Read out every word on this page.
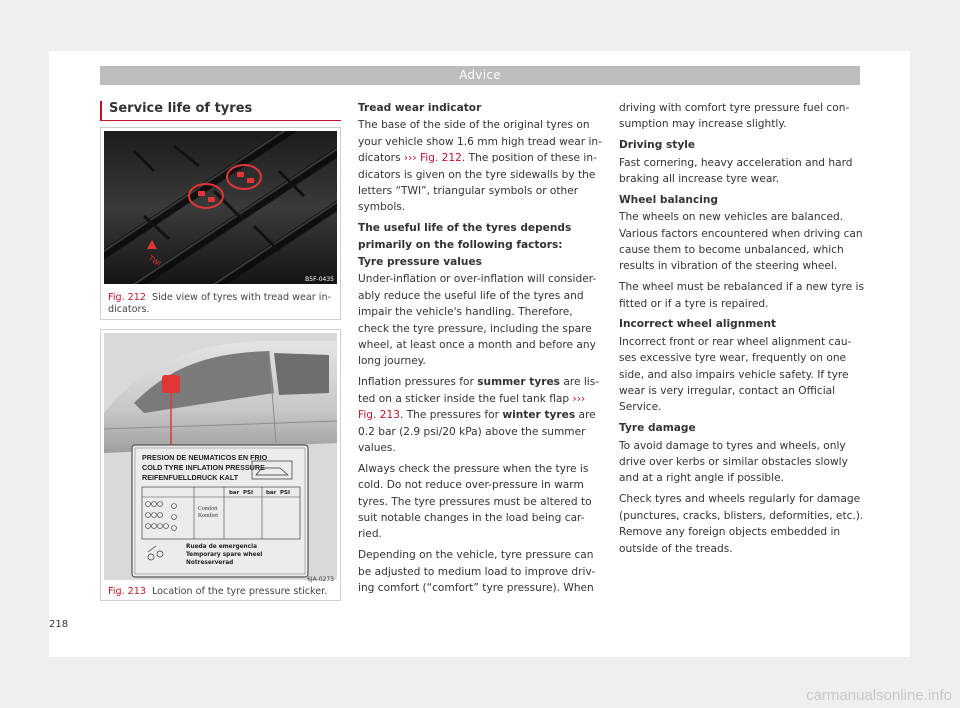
Advice
Service life of tyres
TWI
B5F-0435
Fig. 212 Side view of tyres with tread wear in-dicators.
PRESION DE NEUMATICOS EN FRIO
COLD TYRE INFLATION PRESSURE
REIFENFUELLDRUCK KALT
bar PSI bar PSI
Comfort
Komfort
Rueda de emergencia
Temporary spare wheel
Notreserverad
6JA-0273
Fig. 213 Location of the tyre pressure sticker.

Tread wear indicator

The base of the side of the original tyres on your vehicle show 1.6 mm high tread wear in-dicators ››› Fig. 212. The position of these in-dicators is given on the tyre sidewalls by the letters “TWI”, triangular symbols or other symbols.

The useful life of the tyres depends primarily on the following factors:

Tyre pressure values

Under-inflation or over-inflation will consider-ably reduce the useful life of the tyres and impair the vehicle's handling. Therefore, check the tyre pressure, including the spare wheel, at least once a month and before any long journey.

Inflation pressures for summer tyres are lis-ted on a sticker inside the fuel tank flap ››› Fig. 213. The pressures for winter tyres are 0.2 bar (2.9 psi/20 kPa) above the summer values.

Always check the pressure when the tyre is cold. Do not reduce over-pressure in warm tyres. The tyre pressures must be altered to suit notable changes in the load being car-ried.

Depending on the vehicle, tyre pressure can be adjusted to medium load to improve driv-ing comfort (“comfort” tyre pressure). When

driving with comfort tyre pressure fuel con-sumption may increase slightly.

Driving style

Fast cornering, heavy acceleration and hard braking all increase tyre wear.

Wheel balancing

The wheels on new vehicles are balanced. Various factors encountered when driving can cause them to become unbalanced, which results in vibration of the steering wheel.

The wheel must be rebalanced if a new tyre is fitted or if a tyre is repaired.

Incorrect wheel alignment

Incorrect front or rear wheel alignment cau-ses excessive tyre wear, frequently on one side, and also impairs vehicle safety. If tyre wear is very irregular, contact an Official Service.

Tyre damage

To avoid damage to tyres and wheels, only drive over kerbs or similar obstacles slowly and at a right angle if possible.

Check tyres and wheels regularly for damage (punctures, cracks, blisters, deformities, etc.). Remove any foreign objects embedded in outside of the treads.

218
carmanualsonline.info
